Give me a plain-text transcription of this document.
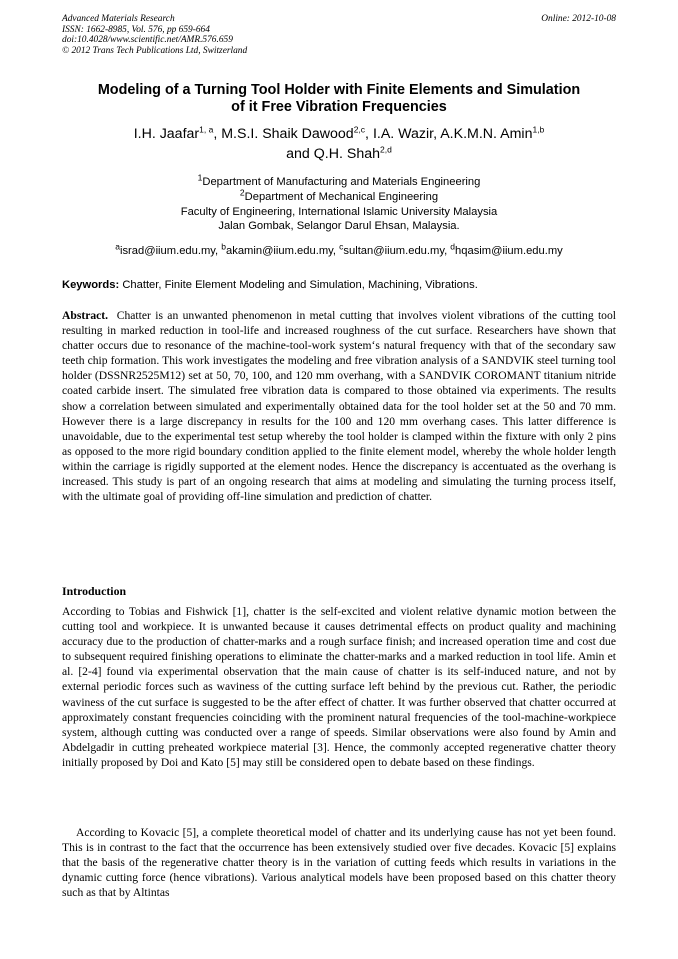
Advanced Materials Research
ISSN: 1662-8985, Vol. 576, pp 659-664
doi:10.4028/www.scientific.net/AMR.576.659
© 2012 Trans Tech Publications Ltd, Switzerland
Online: 2012-10-08
Modeling of a Turning Tool Holder with Finite Elements and Simulation
of it Free Vibration Frequencies
I.H. Jaafar$^{1, a}$, M.S.I. Shaik Dawood$^{2,c}$, I.A. Wazir, A.K.M.N. Amin$^{1,b}$
and Q.H. Shah$^{2,d}$
$^1$Department of Manufacturing and Materials Engineering
$^2$Department of Mechanical Engineering
Faculty of Engineering, International Islamic University Malaysia
Jalan Gombak, Selangor Darul Ehsan, Malaysia.
$^a$israd@iium.edu.my, $^b$akamin@iium.edu.my, $^c$sultan@iium.edu.my, $^d$hqasim@iium.edu.my
Keywords: Chatter, Finite Element Modeling and Simulation, Machining, Vibrations.
Abstract. Chatter is an unwanted phenomenon in metal cutting that involves violent vibrations of the cutting tool resulting in marked reduction in tool-life and increased roughness of the cut surface. Researchers have shown that chatter occurs due to resonance of the machine-tool-work system‘s natural frequency with that of the secondary saw teeth chip formation. This work investigates the modeling and free vibration analysis of a SANDVIK steel turning tool holder (DSSNR2525M12) set at 50, 70, 100, and 120 mm overhang, with a SANDVIK COROMANT titanium nitride coated carbide insert. The simulated free vibration data is compared to those obtained via experiments. The results show a correlation between simulated and experimentally obtained data for the tool holder set at the 50 and 70 mm. However there is a large discrepancy in results for the 100 and 120 mm overhang cases. This latter difference is unavoidable, due to the experimental test setup whereby the tool holder is clamped within the fixture with only 2 pins as opposed to the more rigid boundary condition applied to the finite element model, whereby the whole holder length within the carriage is rigidly supported at the element nodes. Hence the discrepancy is accentuated as the overhang is increased. This study is part of an ongoing research that aims at modeling and simulating the turning process itself, with the ultimate goal of providing off-line simulation and prediction of chatter.
Introduction
According to Tobias and Fishwick [1], chatter is the self-excited and violent relative dynamic motion between the cutting tool and workpiece. It is unwanted because it causes detrimental effects on product quality and machining accuracy due to the production of chatter-marks and a rough surface finish; and increased operation time and cost due to subsequent required finishing operations to eliminate the chatter-marks and a marked reduction in tool life. Amin et al. [2-4] found via experimental observation that the main cause of chatter is its self-induced nature, and not by external periodic forces such as waviness of the cutting surface left behind by the previous cut. Rather, the periodic waviness of the cut surface is suggested to be the after effect of chatter. It was further observed that chatter occurred at approximately constant frequencies coinciding with the prominent natural frequencies of the tool-machine-workpiece system, although cutting was conducted over a range of speeds. Similar observations were also found by Amin and Abdelgadir in cutting preheated workpiece material [3]. Hence, the commonly accepted regenerative chatter theory initially proposed by Doi and Kato [5] may still be considered open to debate based on these findings.
According to Kovacic [5], a complete theoretical model of chatter and its underlying cause has not yet been found. This is in contrast to the fact that the occurrence has been extensively studied over five decades. Kovacic [5] explains that the basis of the regenerative chatter theory is in the variation of cutting feeds which results in variations in the dynamic cutting force (hence vibrations). Various analytical models have been proposed based on this chatter theory such as that by Altintas
